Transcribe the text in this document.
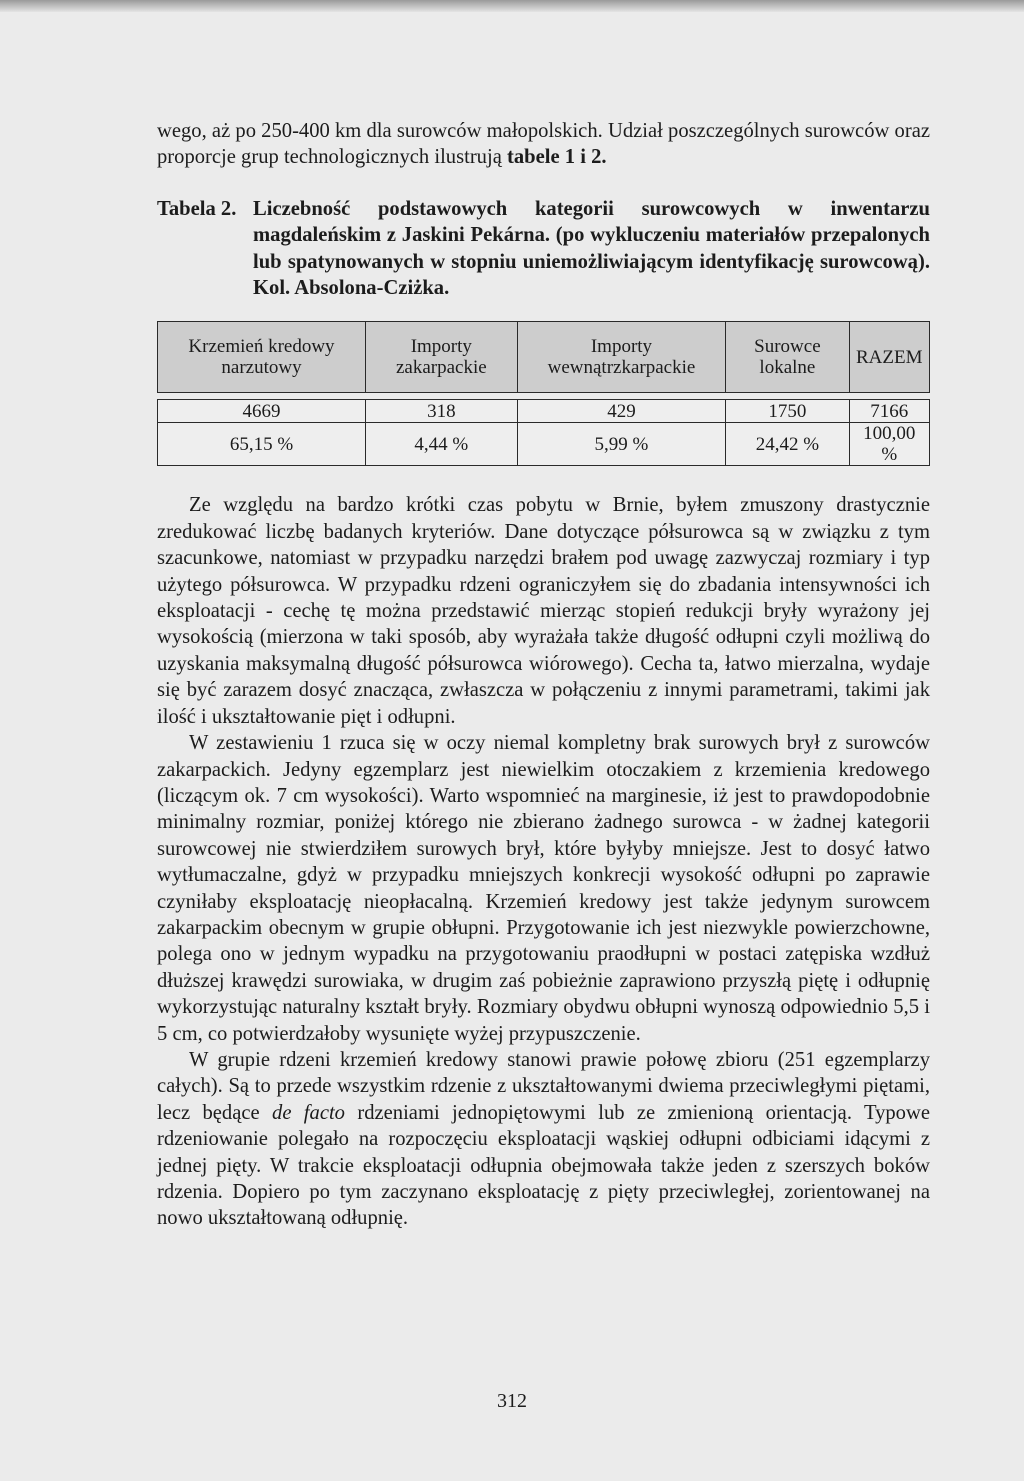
wego, aż po 250-400 km dla surowców małopolskich. Udział poszczególnych surowców oraz proporcje grup technologicznych ilustrują tabele 1 i 2.

Tabela 2. Liczebność podstawowych kategorii surowcowych w inwentarzu magdaleńskim z Jaskini Pekárna. (po wykluczeniu materiałów przepalonych lub spatynowanych w stopniu uniemożliwiającym identyfikację surowcową). Kol. Absolona-Cziżka.
Krzemień kredowy narzutowy	Importy zakarpackie	Importy wewnątrzkarpackie	Surowce lokalne	RAZEM

4669	318	429	1750	7166
65,15 %	4,44 %	5,99 %	24,42 %	100,00 %

Ze względu na bardzo krótki czas pobytu w Brnie, byłem zmuszony drastycznie zredukować liczbę badanych kryteriów. Dane dotyczące półsurowca są w związku z tym szacunkowe, natomiast w przypadku narzędzi brałem pod uwagę zazwyczaj rozmiary i typ użytego półsurowca. W przypadku rdzeni ograniczyłem się do zbadania intensywności ich eksploatacji - cechę tę można przedstawić mierząc stopień redukcji bryły wyrażony jej wysokością (mierzona w taki sposób, aby wyrażała także długość odłupni czyli możliwą do uzyskania maksymalną długość półsurowca wiórowego). Cecha ta, łatwo mierzalna, wydaje się być zarazem dosyć znacząca, zwłaszcza w połączeniu z innymi parametrami, takimi jak ilość i ukształtowanie pięt i odłupni.

W zestawieniu 1 rzuca się w oczy niemal kompletny brak surowych brył z surowców zakarpackich. Jedyny egzemplarz jest niewielkim otoczakiem z krzemienia kredowego (liczącym ok. 7 cm wysokości). Warto wspomnieć na marginesie, iż jest to prawdopodobnie minimalny rozmiar, poniżej którego nie zbierano żadnego surowca - w żadnej kategorii surowcowej nie stwierdziłem surowych brył, które byłyby mniejsze. Jest to dosyć łatwo wytłumaczalne, gdyż w przypadku mniejszych konkrecji wysokość odłupni po zaprawie czyniłaby eksploatację nieopłacalną. Krzemień kredowy jest także jedynym surowcem zakarpackim obecnym w grupie obłupni. Przygotowanie ich jest niezwykle powierzchowne, polega ono w jednym wypadku na przygotowaniu praodłupni w postaci zatępiska wzdłuż dłuższej krawędzi surowiaka, w drugim zaś pobieżnie zaprawiono przyszłą piętę i odłupnię wykorzystując naturalny kształt bryły. Rozmiary obydwu obłupni wynoszą odpowiednio 5,5 i 5 cm, co potwierdzałoby wysunięte wyżej przypuszczenie.

W grupie rdzeni krzemień kredowy stanowi prawie połowę zbioru (251 egzemplarzy całych). Są to przede wszystkim rdzenie z ukształtowanymi dwiema przeciwległymi piętami, lecz będące de facto rdzeniami jednopiętowymi lub ze zmienioną orientacją. Typowe rdzeniowanie polegało na rozpoczęciu eksploatacji wąskiej odłupni odbiciami idącymi z jednej pięty. W trakcie eksploatacji odłupnia obejmowała także jeden z szerszych boków rdzenia. Dopiero po tym zaczynano eksploatację z pięty przeciwległej, zorientowanej na nowo ukształtowaną odłupnię.

312
